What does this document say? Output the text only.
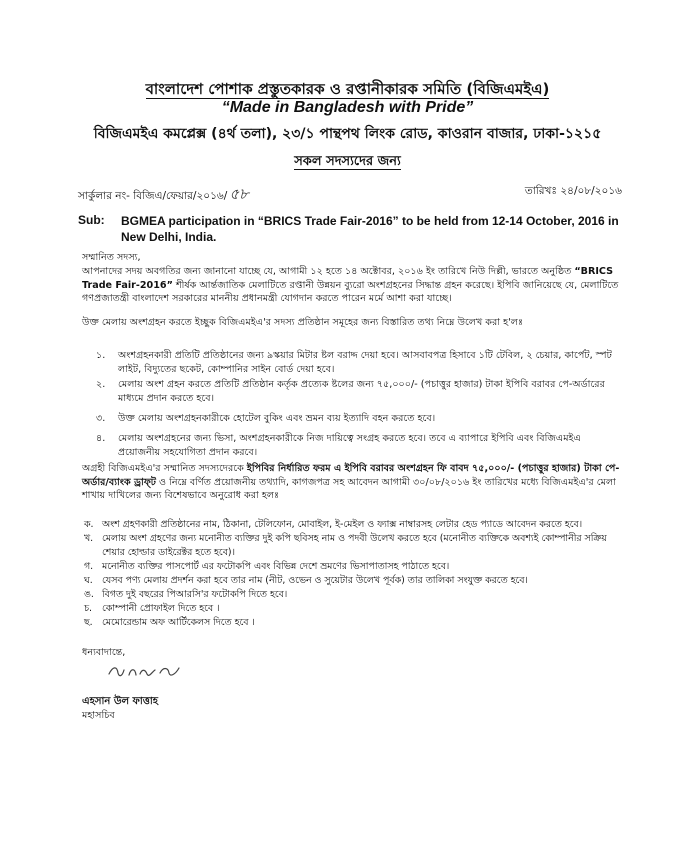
বাংলাদেশ পোশাক প্রস্তুতকারক ও রপ্তানীকারক সমিতি (বিজিএমইএ)
“Made in Bangladesh with Pride”
বিজিএমইএ কমপ্লেক্স (৪র্থ তলা), ২৩/১ পান্থপথ লিংক রোড, কাওরান বাজার, ঢাকা-১২১৫
সকল সদস্যদের জন্য
সার্কুলার নং- বিজিএ/ফেয়ার/২০১৬/ ৫৮	তারিখঃ ২৪/০৮/২০১৬
Sub: BGMEA participation in “BRICS Trade Fair-2016” to be held from 12-14 October, 2016 in New Delhi, India.
সম্মানিত সদস্য,
আপনাদের সদয় অবগতির জন্য জানানো যাচ্ছে যে, আগামী ১২ হতে ১৪ অক্টোবর, ২০১৬ ইং তারিখে নিউ দিল্লী, ভারতে অনুষ্ঠিত “BRICS Trade Fair-2016” শীর্ষক আর্ন্তজাতিক মেলাটিতে রপ্তানী উন্নয়ন ব্যুরো অংশগ্রহনের সিদ্ধান্ত গ্রহন করেছে। ইপিবি জানিয়েছে যে, মেলাটিতে গণপ্রজাতন্ত্রী বাংলাদেশ সরকারের মাননীয় প্রধানমন্ত্রী যোগদান করতে পারেন মর্মে আশা করা যাচ্ছে।
উক্ত মেলায় অংশগ্রহন করতে ইচ্ছুক বিজিএমইএ'র সদস্য প্রতিষ্ঠান সমূহের জন্য বিস্তারিত তথ্য নিম্নে উলেখ করা হ'লঃ
১. অংশগ্রহনকারী প্রতিটি প্রতিষ্ঠানের জন্য ৯স্কয়ার মিটার ষ্টল বরাদ্দ দেয়া হবে। আসবাবপত্র হিসাবে ১টি টেবিল, ২ চেয়ার, কার্পেট, স্পট লাইট, বিদ্যুতের ছকেট, কোম্পানির সাইন বোর্ড দেয়া হবে।
২. মেলায় অংশ গ্রহন করতে প্রতিটি প্রতিষ্ঠান কর্তৃক প্রত্যেক ষ্টলের জন্য ৭৫,০০০/- (পচাত্তুর হাজার) টাকা ইপিবি বরাবর পে-অর্ডারের মাধ্যমে প্রদান করতে হবে।
৩. উক্ত মেলায় অংশগ্রহনকারীকে হোটেল বুকিং এবং ভ্রমন ব্যয় ইত্যাদি বহন করতে হবে।
৪. মেলায় অংশগ্রহনের জন্য ভিসা, অংশগ্রহনকারীকে নিজ দায়িত্বে সংগ্রহ করতে হবে। তবে এ ব্যাপারে ইপিবি এবং বিজিএমইএ প্রয়োজনীয় সহযোগিতা প্রদান করবে।
অগ্রহী বিজিএমইএ'র সম্মানিত সদস্যদেরকে ইপিবির নির্ধারিত ফরম এ ইপিবি বরাবর অংশগ্রহন ফি বাবদ ৭৫,০০০/- (পচাত্তুর হাজার) টাকা পে-অর্ডার/ব্যাংক ড্রাফ্‌ট ও নিম্নে বর্ণিত প্রয়োজনীয় তথ্যাদি, কাগজপত্র সহ আবেদন আগামী ৩০/০৮/২০১৬ ইং তারিখের মধ্যে বিজিএমইএ'র মেলা শাখায় দাখিলের জন্য বিশেষভাবে অনুরোধ করা হলঃ
ক. অংশ গ্রহণকারী প্রতিষ্ঠানের নাম, ঠিকানা, টেলিফোন, মোবাইল, ই-মেইল ও ফ্যাক্স নাম্বারসহ লেটার হেড প্যাডে আবেদন করতে হবে।
খ. মেলায় অংশ গ্রহণের জন্য মনোনীত ব্যক্তির দুই কপি ছবিসহ নাম ও পদবী উলেখ করতে হবে (মনোনীত ব্যক্তিকে অবশ্যই কোম্পানীর সক্রিয় শেয়ার হোল্ডার ডাইরেক্টর হতে হবে)।
গ. মনোনীত ব্যক্তির পাসপোর্ট এর ফটোকপি এবং বিভিন্ন দেশে ভ্রমণের ভিসাপাতাসহ পাঠাতে হবে।
ঘ. যেসব পণ্য মেলায় প্রদর্শন করা হবে তার নাম (নীট, ওভেন ও সুয়েটার উলেখ পূর্বক) তার তালিকা সংযুক্ত করতে হবে।
ঙ. বিগত দুই বছরের পিআরসি'র ফটোকপি দিতে হবে।
চ. কোম্পানী প্রোফাইল দিতে হবে ।
ছ. মেমোরেন্ডাম অফ আর্টিকেলস দিতে হবে ।
ধন্যবাদান্তে,
এহসান উল ফাত্তাহ
মহাসচিব
